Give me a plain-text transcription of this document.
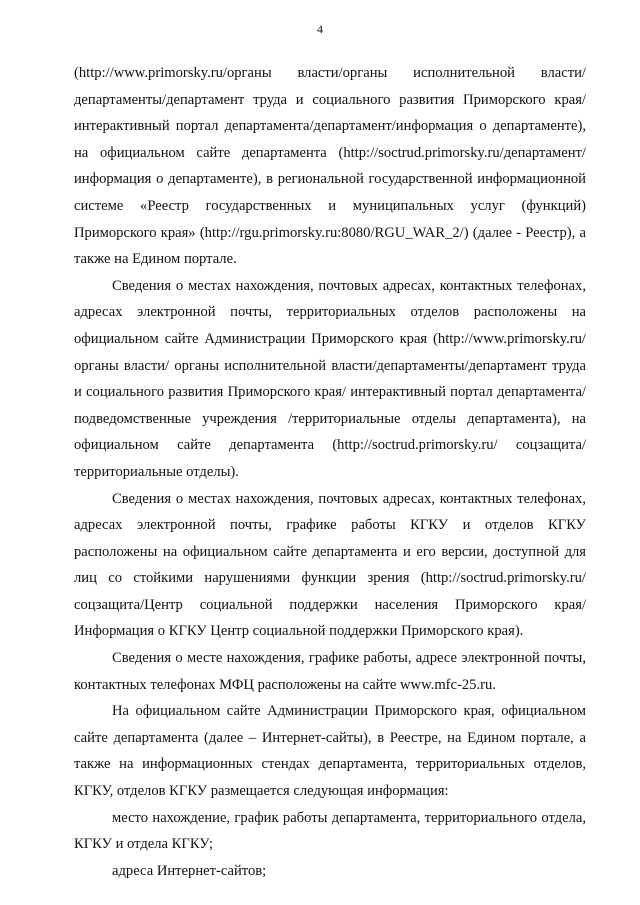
4

(http://www.primorsky.ru/органы власти/органы исполнительной власти/департаменты/департамент труда и социального развития Приморского края/интерактивный портал департамента/департамент/информация о департаменте), на официальном сайте департамента (http://soctrud.primorsky.ru/департамент/информация о департаменте), в региональной государственной информационной системе «Реестр государственных и муниципальных услуг (функций) Приморского края» (http://rgu.primorsky.ru:8080/RGU_WAR_2/) (далее - Реестр), а также на Едином портале.

Сведения о местах нахождения, почтовых адресах, контактных телефонах, адресах электронной почты, территориальных отделов расположены на официальном сайте Администрации Приморского края (http://www.primorsky.ru/ органы власти/ органы исполнительной власти/департаменты/департамент труда и социального развития Приморского края/ интерактивный портал департамента/ подведомственные учреждения /территориальные отделы департамента), на официальном сайте департамента (http://soctrud.primorsky.ru/ соцзащита/территориальные отделы).

Сведения о местах нахождения, почтовых адресах, контактных телефонах, адресах электронной почты, графике работы КГКУ и отделов КГКУ расположены на официальном сайте департамента и его версии, доступной для лиц со стойкими нарушениями функции зрения (http://soctrud.primorsky.ru/ соцзащита/Центр социальной поддержки населения Приморского края/Информация о КГКУ Центр социальной поддержки Приморского края).

Сведения о месте нахождения, графике работы, адресе электронной почты, контактных телефонах МФЦ расположены на сайте www.mfc-25.ru.

На официальном сайте Администрации Приморского края, официальном сайте департамента (далее – Интернет-сайты), в Реестре, на Едином портале, а также на информационных стендах департамента, территориальных отделов, КГКУ, отделов КГКУ размещается следующая информация:

место нахождение, график работы департамента, территориального отдела, КГКУ и отдела КГКУ;

адреса Интернет-сайтов;
